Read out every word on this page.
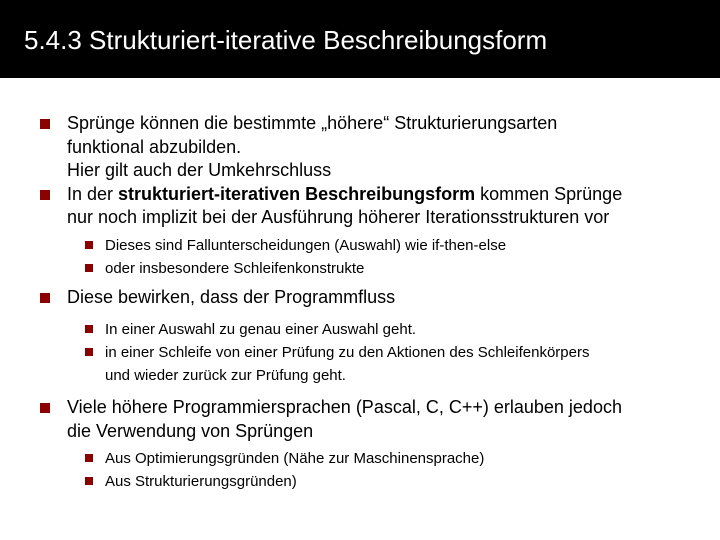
5.4.3 Strukturiert-iterative Beschreibungsform
Sprünge können die bestimmte „höhere“ Strukturierungsarten
funktional abzubilden.
Hier gilt auch der Umkehrschluss
In der strukturiert-iterativen Beschreibungsform kommen Sprünge
nur noch implizit bei der Ausführung höherer Iterationsstrukturen vor
Dieses sind Fallunterscheidungen (Auswahl) wie if-then-else
oder insbesondere Schleifenkonstrukte
Diese bewirken, dass der Programmfluss
In einer Auswahl zu genau einer Auswahl geht.
in einer Schleife von einer Prüfung zu den Aktionen des Schleifenkörpers
und wieder zurück zur Prüfung geht.
Viele höhere Programmiersprachen (Pascal, C, C++) erlauben jedoch
die Verwendung von Sprüngen
Aus Optimierungsgründen (Nähe zur Maschinensprache)
Aus Strukturierungsgründen)
